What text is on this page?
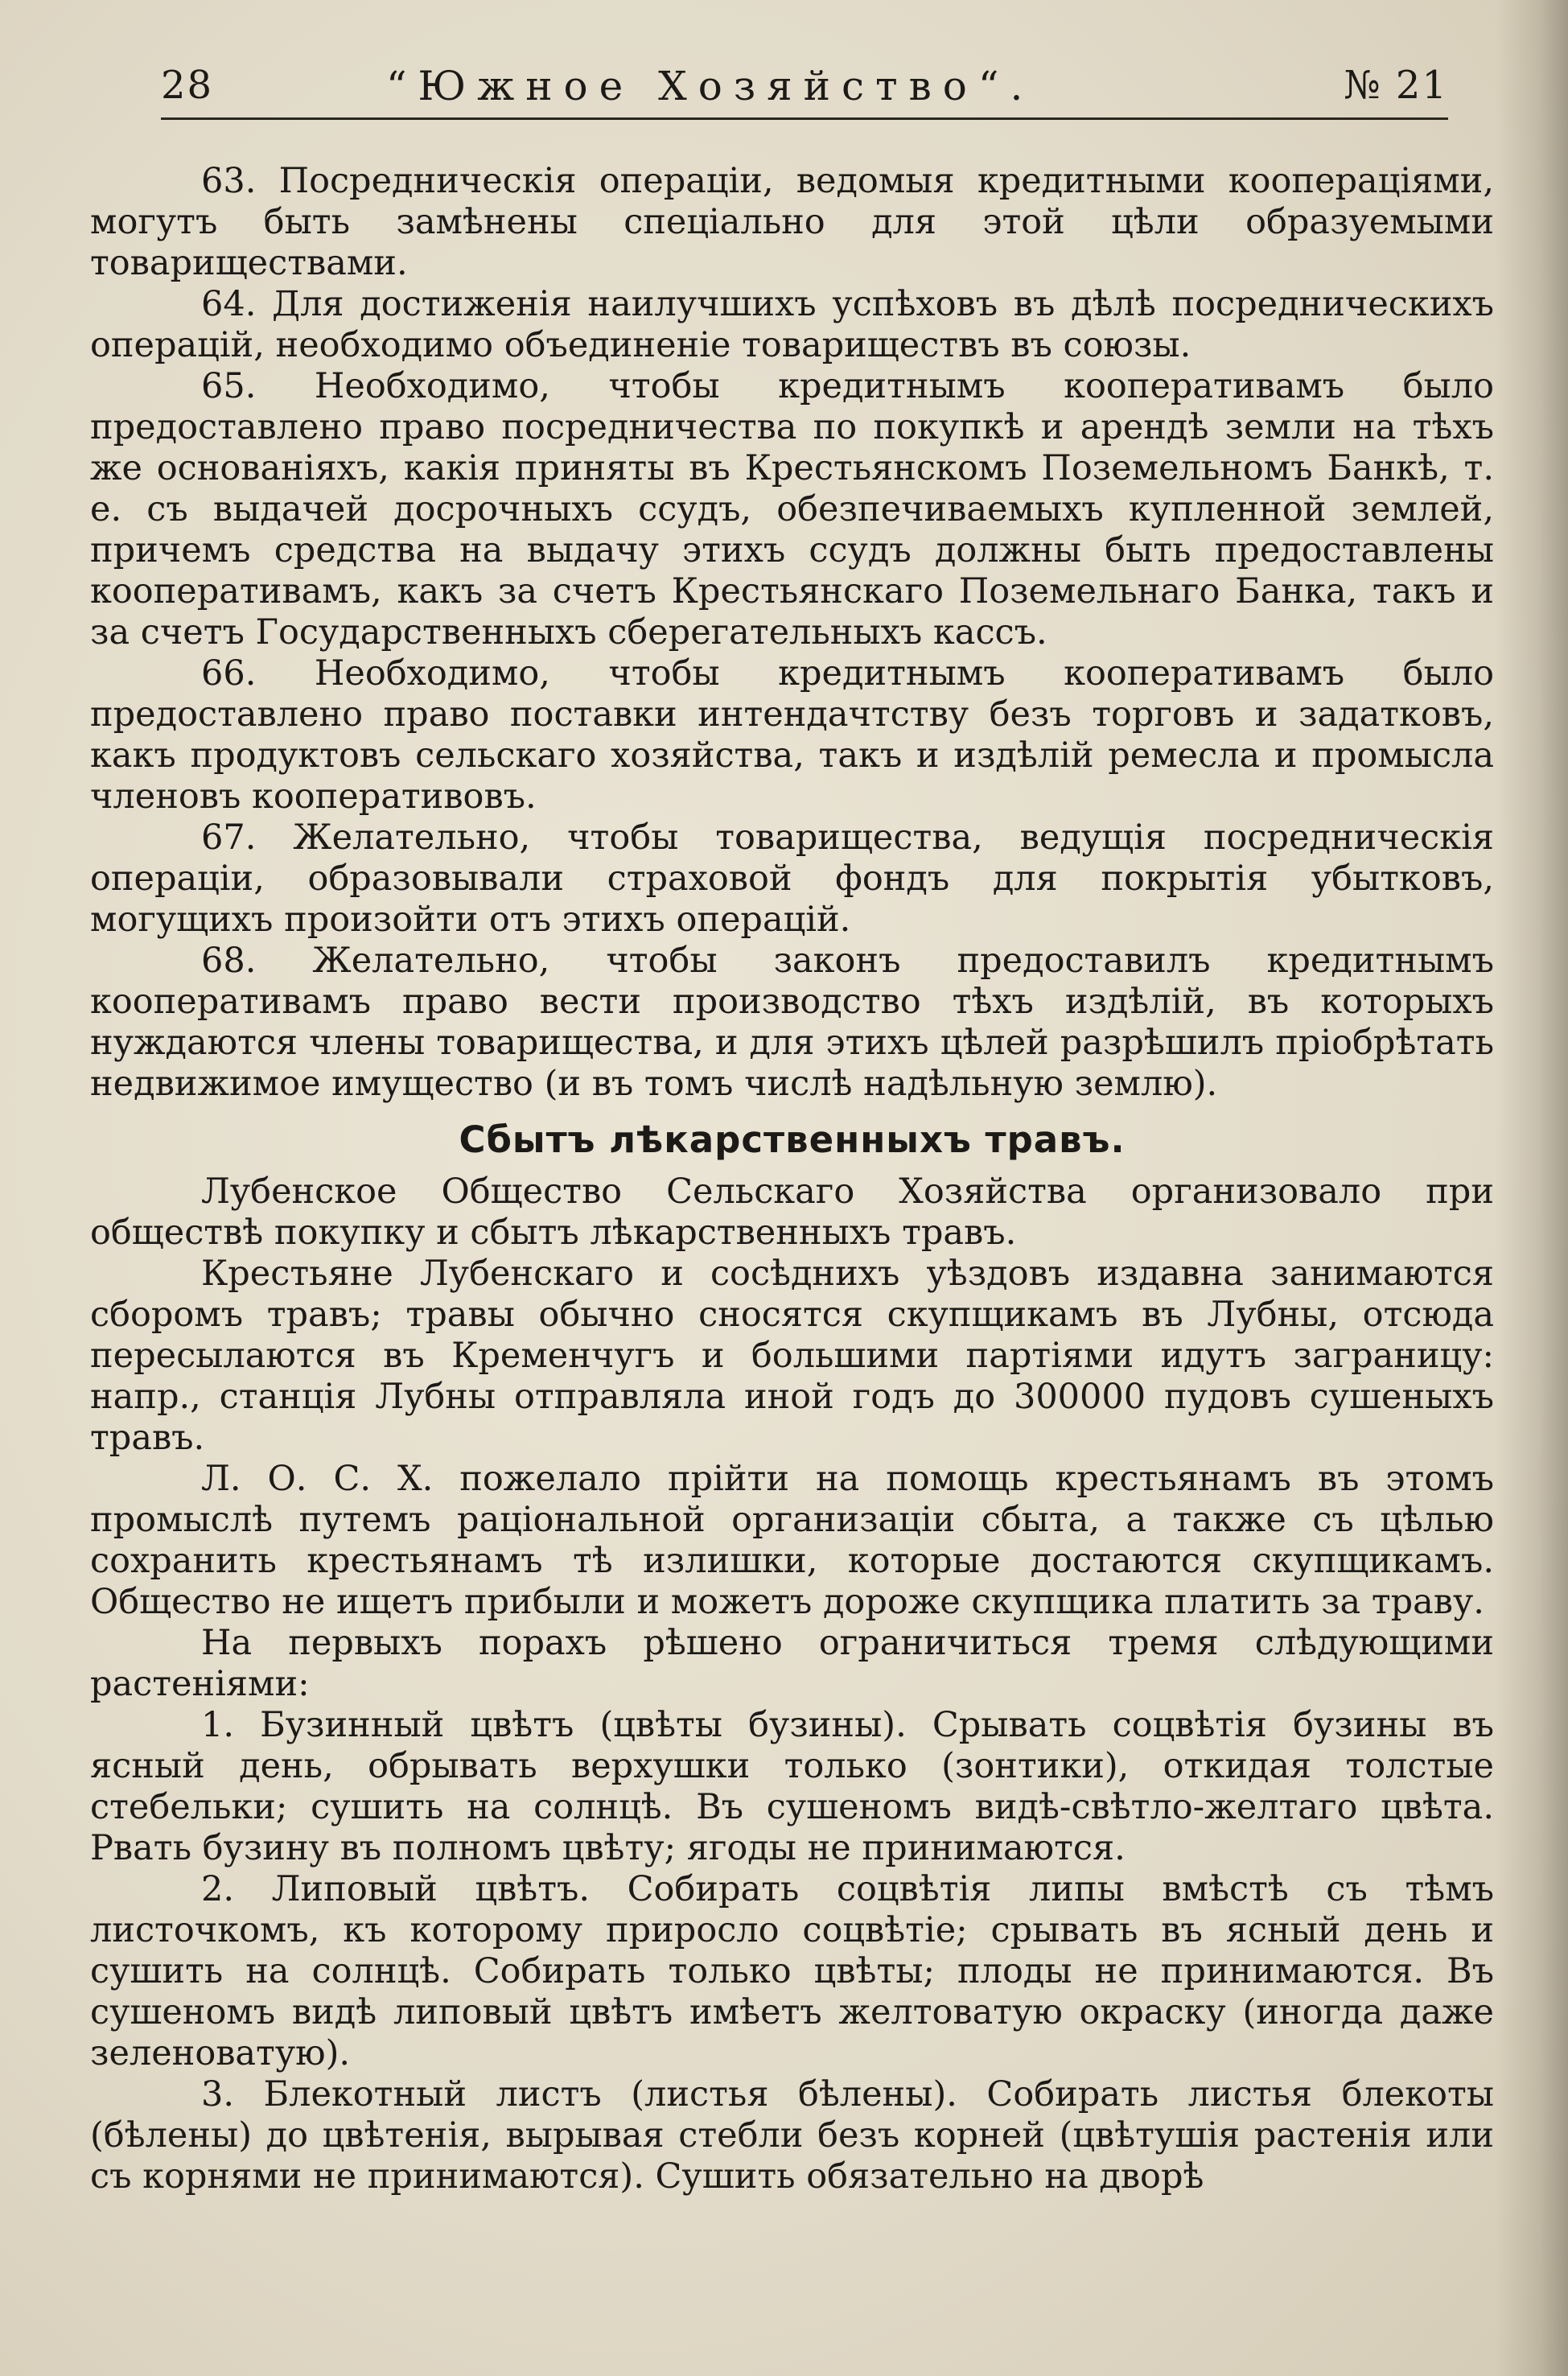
28	“Южное Хозяйство“.	№ 21

63. Посредническія операціи, ведомыя кредитными коопераціями, могутъ быть замѣнены спеціально для этой цѣли образуемыми товариществами.

64. Для достиженія наилучшихъ успѣховъ въ дѣлѣ посредническихъ операцій, необходимо объединеніе товариществъ въ союзы.

65. Необходимо, чтобы кредитнымъ кооперативамъ было предоставлено право посредничества по покупкѣ и арендѣ земли на тѣхъ же основаніяхъ, какія приняты въ Крестьянскомъ Поземельномъ Банкѣ, т. е. съ выдачей досрочныхъ ссудъ, обезпечиваемыхъ купленной землей, причемъ средства на выдачу этихъ ссудъ должны быть предоставлены кооперативамъ, какъ за счетъ Крестьянскаго Поземельнаго Банка, такъ и за счетъ Государственныхъ сберегательныхъ кассъ.

66. Необходимо, чтобы кредитнымъ кооперативамъ было предоставлено право поставки интендачтству безъ торговъ и задатковъ, какъ продуктовъ сельскаго хозяйства, такъ и издѣлій ремесла и промысла членовъ кооперативовъ.

67. Желательно, чтобы товарищества, ведущія посредническія операціи, образовывали страховой фондъ для покрытія убытковъ, могущихъ произойти отъ этихъ операцій.

68. Желательно, чтобы законъ предоставилъ кредитнымъ кооперативамъ право вести производство тѣхъ издѣлій, въ которыхъ нуждаются члены товарищества, и для этихъ цѣлей разрѣшилъ пріобрѣтать недвижимое имущество (и въ томъ числѣ надѣльную землю).

Сбытъ лѣкарственныхъ травъ.

Лубенское Общество Сельскаго Хозяйства организовало при обществѣ покупку и сбытъ лѣкарственныхъ травъ.

Крестьяне Лубенскаго и сосѣднихъ уѣздовъ издавна занимаются сборомъ травъ; травы обычно сносятся скупщикамъ въ Лубны, отсюда пересылаются въ Кременчугъ и большими партіями идутъ заграницу: напр., станція Лубны отправляла иной годъ до 300000 пудовъ сушеныхъ травъ.

Л. О. С. Х. пожелало прійти на помощь крестьянамъ въ этомъ промыслѣ путемъ раціональной организаціи сбыта, а также съ цѣлью сохранить крестьянамъ тѣ излишки, которые достаются скупщикамъ. Общество не ищетъ прибыли и можетъ дороже скупщика платить за траву.

На первыхъ порахъ рѣшено ограничиться тремя слѣдующими растеніями:

1. Бузинный цвѣтъ (цвѣты бузины). Срывать соцвѣтія бузины въ ясный день, обрывать верхушки только (зонтики), откидая толстые стебельки; сушить на солнцѣ. Въ сушеномъ видѣ-свѣтло-желтаго цвѣта. Рвать бузину въ полномъ цвѣту; ягоды не принимаются.

2. Липовый цвѣтъ. Собирать соцвѣтія липы вмѣстѣ съ тѣмъ листочкомъ, къ которому приросло соцвѣтіе; срывать въ ясный день и сушить на солнцѣ. Собирать только цвѣты; плоды не принимаются. Въ сушеномъ видѣ липовый цвѣтъ имѣетъ желтоватую окраску (иногда даже зеленоватую).

3. Блекотный листъ (листья бѣлены). Собирать листья блекоты (бѣлены) до цвѣтенія, вырывая стебли безъ корней (цвѣтушія растенія или съ корнями не принимаются). Сушить обязательно на дворѣ
